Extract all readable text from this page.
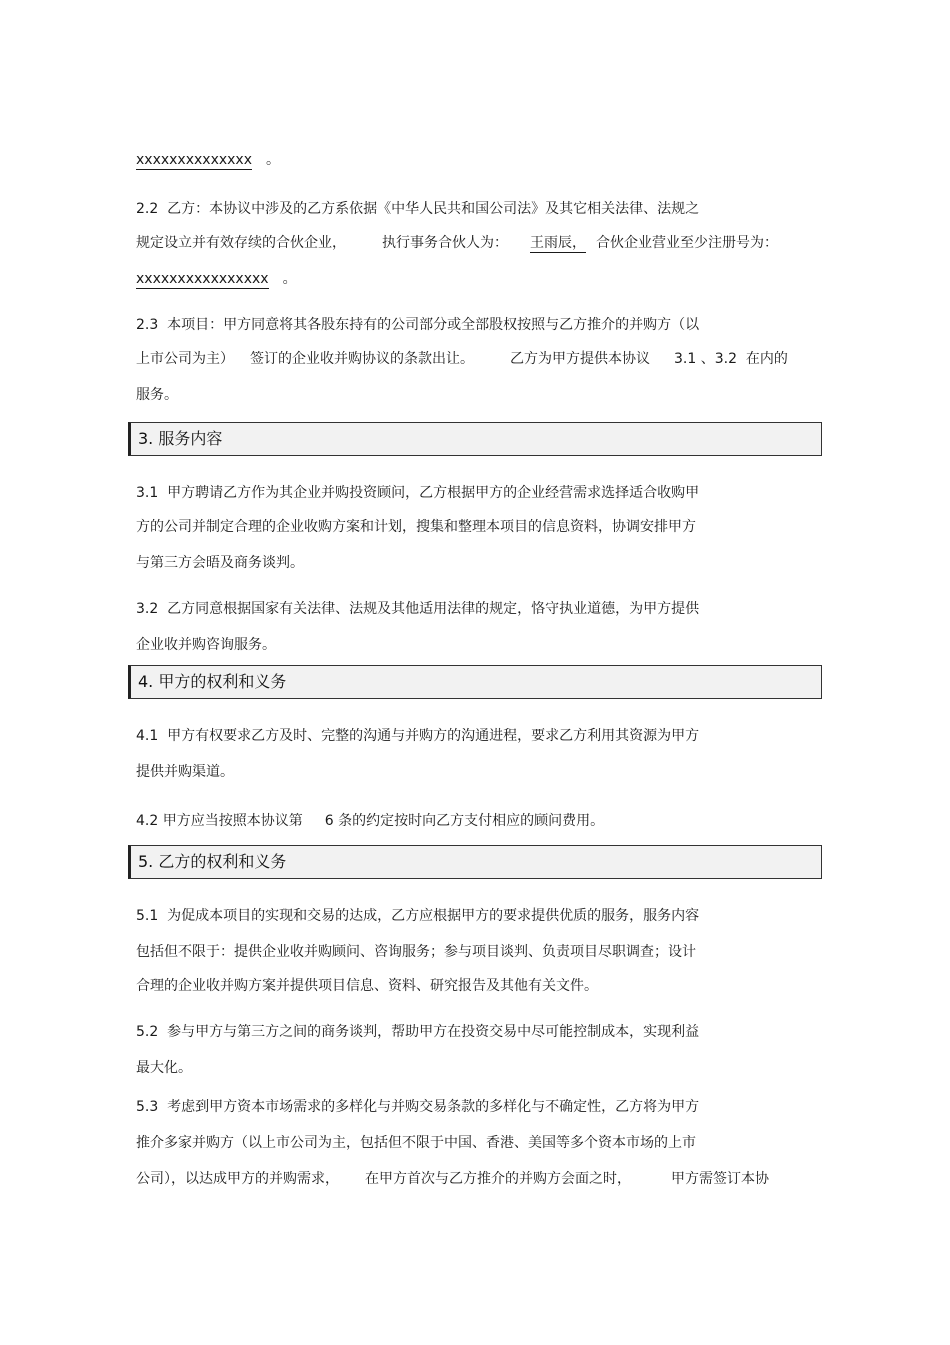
xxxxxxxxxxxxxx 。
2.2  乙方：本协议中涉及的乙方系依据《中华人民共和国公司法》及其它相关法律、法规之
规定设立并有效存续的合伙企业，	执行事务合伙人为： 王雨辰， 合伙企业营业至少注册号为：
xxxxxxxxxxxxxxxx 。
2.3  本项目：甲方同意将其各股东持有的公司部分或全部股权按照与乙方推介的并购方（以
上市公司为主） 签订的企业收并购协议的条款出让。	乙方为甲方提供本协议 3.1 、3.2  在内的
服务。
3. 服务内容
3.1  甲方聘请乙方作为其企业并购投资顾问，乙方根据甲方的企业经营需求选择适合收购甲
方的公司并制定合理的企业收购方案和计划，搜集和整理本项目的信息资料，协调安排甲方
与第三方会晤及商务谈判。
3.2  乙方同意根据国家有关法律、法规及其他适用法律的规定，恪守执业道德，为甲方提供
企业收并购咨询服务。
4. 甲方的权利和义务
4.1  甲方有权要求乙方及时、完整的沟通与并购方的沟通进程，要求乙方利用其资源为甲方
提供并购渠道。
4.2 甲方应当按照本协议第 6 条的约定按时向乙方支付相应的顾问费用。
5. 乙方的权利和义务
5.1  为促成本项目的实现和交易的达成，乙方应根据甲方的要求提供优质的服务，服务内容
包括但不限于：提供企业收并购顾问、咨询服务；参与项目谈判、负责项目尽职调查；设计
合理的企业收并购方案并提供项目信息、资料、研究报告及其他有关文件。
5.2  参与甲方与第三方之间的商务谈判，帮助甲方在投资交易中尽可能控制成本，实现利益
最大化。
5.3  考虑到甲方资本市场需求的多样化与并购交易条款的多样化与不确定性，乙方将为甲方
推介多家并购方（以上市公司为主，包括但不限于中国、香港、美国等多个资本市场的上市
公司），以达成甲方的并购需求， 在甲方首次与乙方推介的并购方会面之时，	甲方需签订本协
